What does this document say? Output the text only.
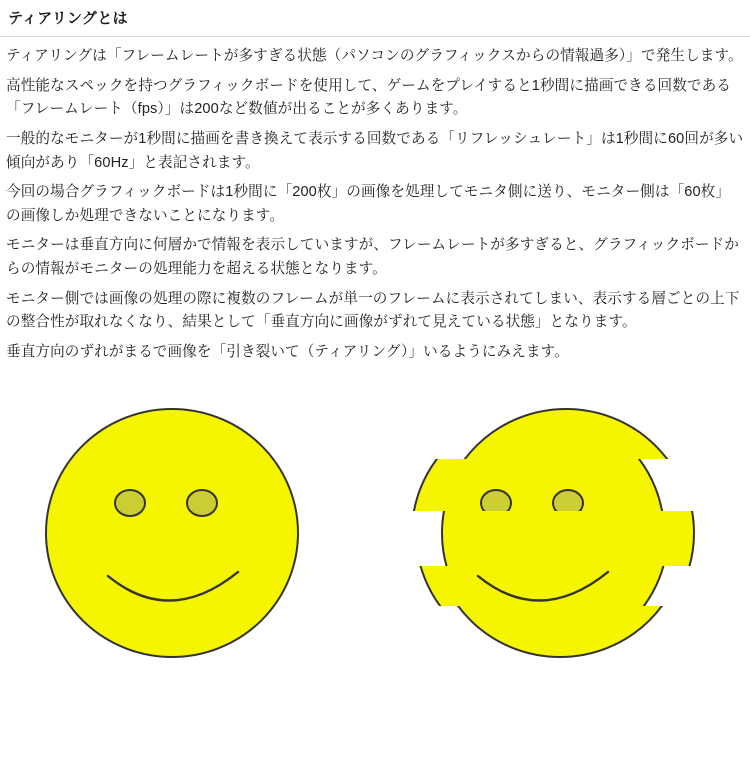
ティアリングとは

ティアリングは「フレームレートが多すぎる状態（パソコンのグラフィックスからの情報過多）」で発生します。

高性能なスペックを持つグラフィックボードを使用して、ゲームをプレイすると1秒間に描画できる回数である「フレームレート（fps）」は200など数値が出ることが多くあります。

一般的なモニターが1秒間に描画を書き換えて表示する回数である「リフレッシュレート」は1秒間に60回が多い傾向があり「60Hz」と表記されます。

今回の場合グラフィックボードは1秒間に「200枚」の画像を処理してモニタ側に送り、モニター側は「60枚」の画像しか処理できないことになります。

モニターは垂直方向に何層かで情報を表示していますが、フレームレートが多すぎると、グラフィックボードからの情報がモニターの処理能力を超える状態となります。

モニター側では画像の処理の際に複数のフレームが単一のフレームに表示されてしまい、表示する層ごとの上下の整合性が取れなくなり、結果として「垂直方向に画像がずれて見えている状態」となります。

垂直方向のずれがまるで画像を「引き裂いて（ティアリング）」いるようにみえます。
